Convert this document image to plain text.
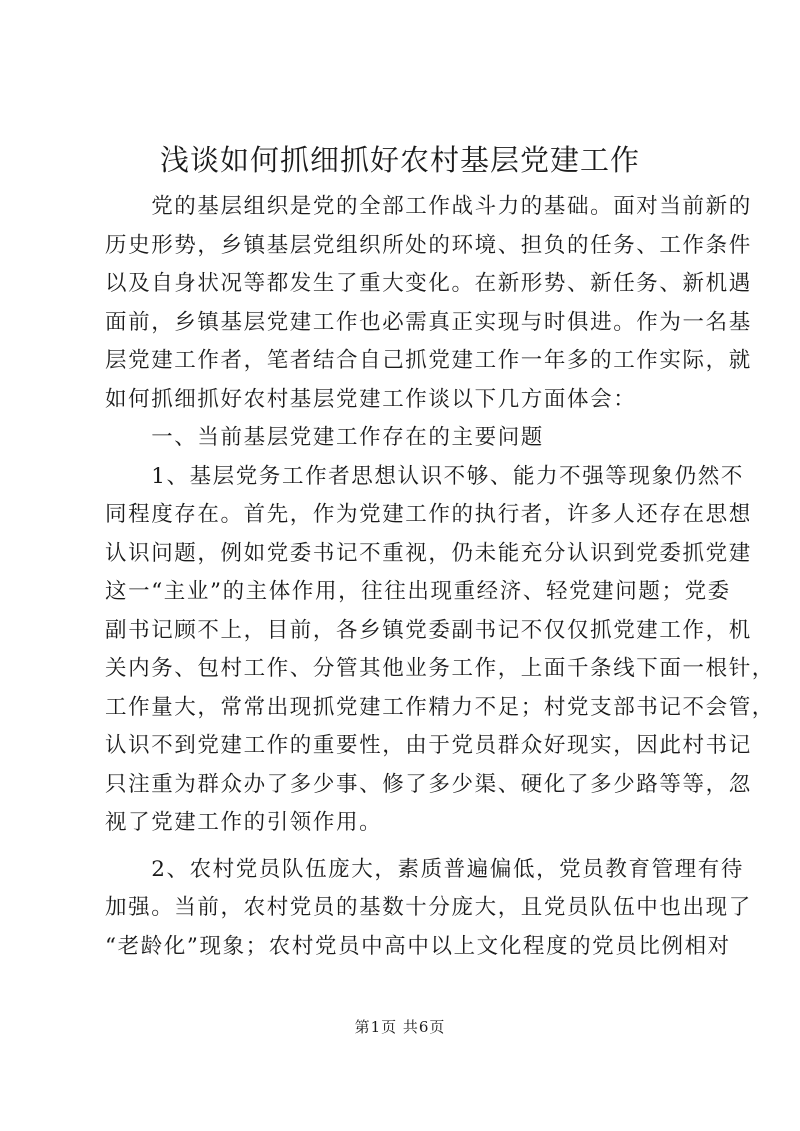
浅谈如何抓细抓好农村基层党建工作
　　党的基层组织是党的全部工作战斗力的基础。面对当前新的
历史形势，乡镇基层党组织所处的环境、担负的任务、工作条件
以及自身状况等都发生了重大变化。在新形势、新任务、新机遇
面前，乡镇基层党建工作也必需真正实现与时俱进。作为一名基
层党建工作者，笔者结合自己抓党建工作一年多的工作实际，就
如何抓细抓好农村基层党建工作谈以下几方面体会：
　　一、当前基层党建工作存在的主要问题
　　1、基层党务工作者思想认识不够、能力不强等现象仍然不
同程度存在。首先，作为党建工作的执行者，许多人还存在思想
认识问题，例如党委书记不重视，仍未能充分认识到党委抓党建
这一“主业”的主体作用，往往出现重经济、轻党建问题；党委
副书记顾不上，目前，各乡镇党委副书记不仅仅抓党建工作，机
关内务、包村工作、分管其他业务工作，上面千条线下面一根针，
工作量大，常常出现抓党建工作精力不足；村党支部书记不会管，
认识不到党建工作的重要性，由于党员群众好现实，因此村书记
只注重为群众办了多少事、修了多少渠、硬化了多少路等等，忽
视了党建工作的引领作用。
　　2、农村党员队伍庞大，素质普遍偏低，党员教育管理有待
加强。当前，农村党员的基数十分庞大，且党员队伍中也出现了
“老龄化”现象；农村党员中高中以上文化程度的党员比例相对
第1页 共6页
